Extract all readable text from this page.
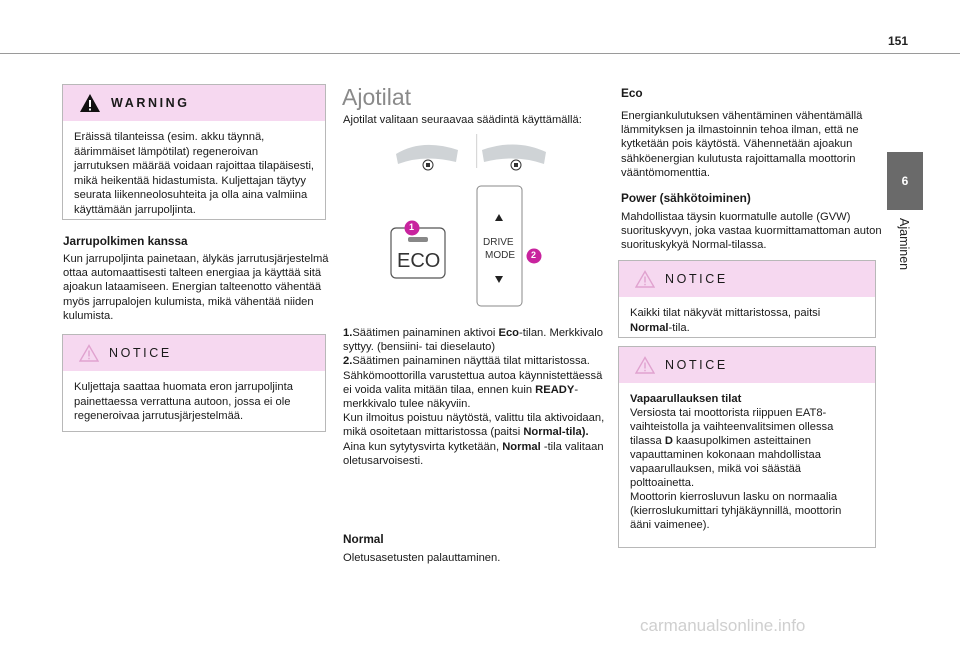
151
6
Ajaminen
WARNING
Eräissä tilanteissa (esim. akku täynnä, äärimmäiset lämpötilat) regeneroivan jarrutuksen määrää voidaan rajoittaa tilapäisesti, mikä heikentää hidastumista. Kuljettajan täytyy seurata liikenneolosuhteita ja olla aina valmiina käyttämään jarrupoljinta.
Jarrupolkimen kanssa
Kun jarrupoljinta painetaan, älykäs jarrutusjärjestelmä ottaa automaattisesti talteen energiaa ja käyttää sitä ajoakun lataamiseen. Energian talteenotto vähentää myös jarrupalojen kulumista, mikä vähentää niiden kulumista.
NOTICE
Kuljettaja saattaa huomata eron jarrupoljinta painettaessa verrattuna autoon, jossa ei ole regeneroivaa jarrutusjärjestelmää.
Ajotilat
Ajotilat valitaan seuraavaa säädintä käyttämällä:
ECO
DRIVE
MODE
1
2
1.Säätimen painaminen aktivoi Eco-tilan. Merkkivalo syttyy. (bensiini- tai dieselauto)
2.Säätimen painaminen näyttää tilat mittaristossa.
Sähkömoottorilla varustettua autoa käynnistettäessä ei voida valita mitään tilaa, ennen kuin READY-merkkivalo tulee näkyviin.
Kun ilmoitus poistuu näytöstä, valittu tila aktivoidaan, mikä osoitetaan mittaristossa (paitsi Normal-tila).
Aina kun sytytysvirta kytketään, Normal -tila valitaan oletusarvoisesti.
Normal
Oletusasetusten palauttaminen.
Eco
Energiankulutuksen vähentäminen vähentämällä lämmityksen ja ilmastoinnin tehoa ilman, että ne kytketään pois käytöstä. Vähennetään ajoakun sähköenergian kulutusta rajoittamalla moottorin vääntömomenttia.
Power (sähkötoiminen)
Mahdollistaa täysin kuormatulle autolle (GVW) suorituskyvyn, joka vastaa kuormittamattoman auton suorituskykyä Normal-tilassa.
NOTICE
Kaikki tilat näkyvät mittaristossa, paitsi Normal-tila.
NOTICE
Vapaarullauksen tilat
Versiosta tai moottorista riippuen EAT8-vaihteistolla ja vaihteenvalitsimen ollessa tilassa D kaasupolkimen asteittainen vapauttaminen kokonaan mahdollistaa vapaarullauksen, mikä voi säästää polttoainetta.
Moottorin kierrosluvun lasku on normaalia (kierroslukumittari tyhjäkäynnillä, moottorin ääni vaimenee).
carmanualsonline.info
